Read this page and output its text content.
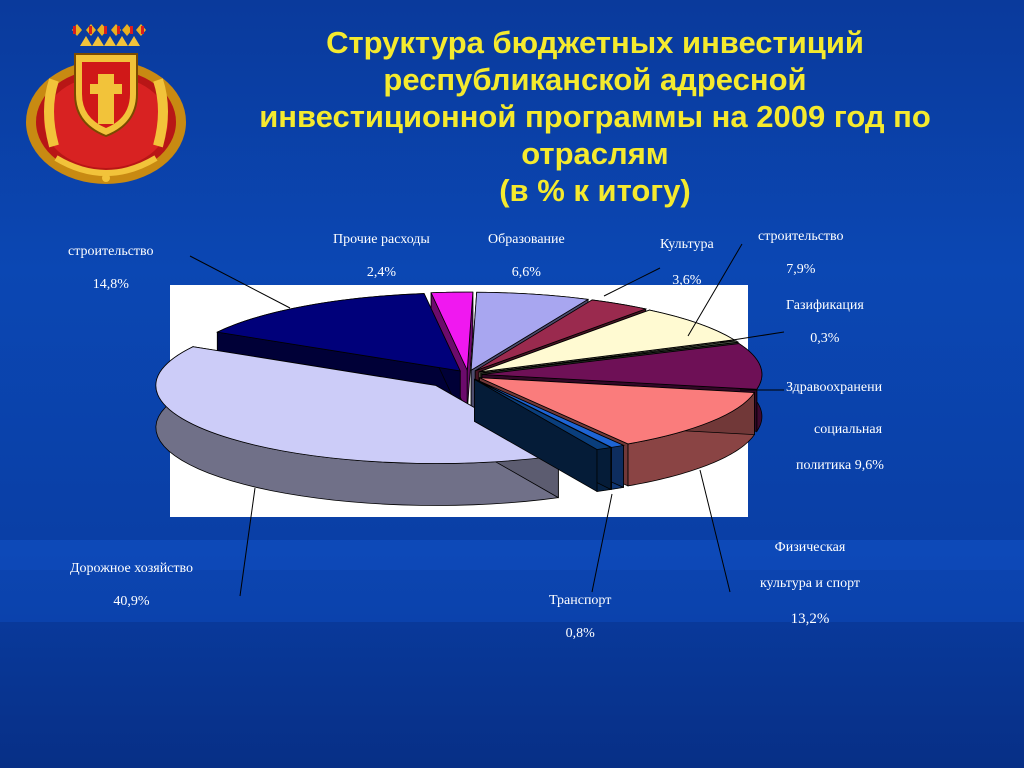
Структура бюджетных инвестиций
республиканской адресной
инвестиционной программы на 2009 год по
отраслям
(в % к итогу)
строительство
14,8%
Прочие расходы
2,4%
Образование
6,6%
Культура
3,6%
строительство
7,9%
Газификация
0,3%
Здравоохранени
социальная
политика 9,6%
Физическая
культура и спорт
13,2%
Транспорт
0,8%
Дорожное хозяйство
40,9%
